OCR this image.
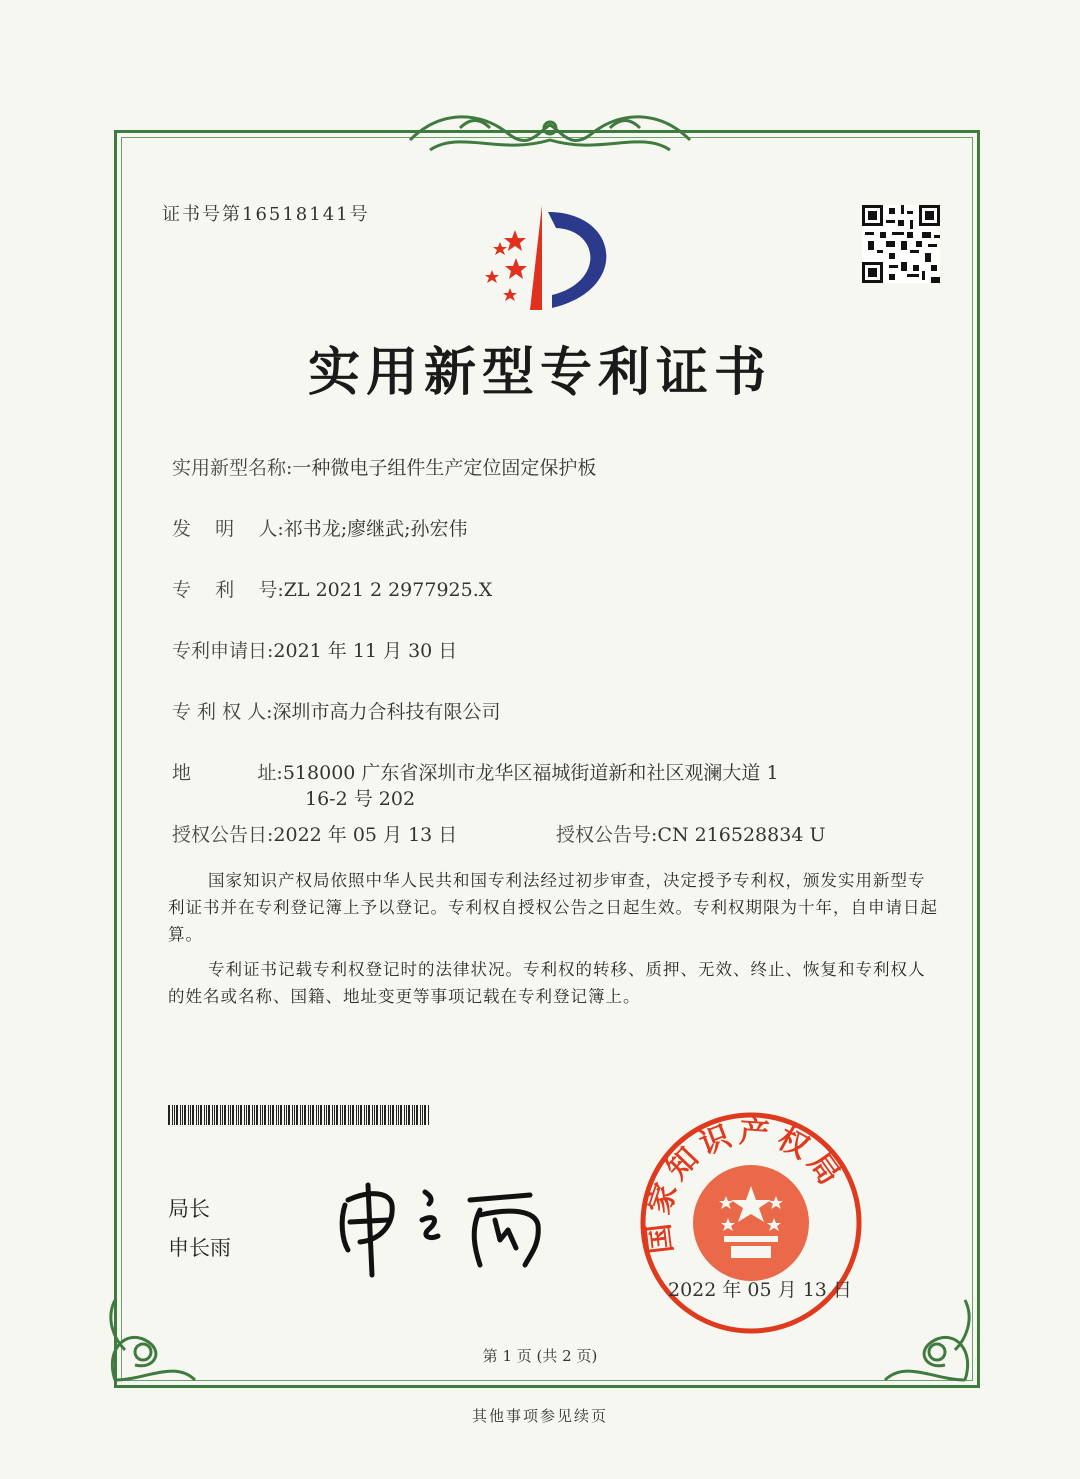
证书号第16518141号
实用新型专利证书
实用新型名称:一种微电子组件生产定位固定保护板
发    明    人:祁书龙;廖继武;孙宏伟
专    利    号:ZL 2021 2 2977925.X
专利申请日:2021 年 11 月 30 日
专 利 权 人:深圳市高力合科技有限公司
地           址:518000 广东省深圳市龙华区福城街道新和社区观澜大道 1
16-2 号 202
授权公告日:2022 年 05 月 13 日	授权公告号:CN 216528834 U
国家知识产权局依照中华人民共和国专利法经过初步审查，决定授予专利权，颁发实用新型专利证书并在专利登记簿上予以登记。专利权自授权公告之日起生效。专利权期限为十年，自申请日起算。
专利证书记载专利权登记时的法律状况。专利权的转移、质押、无效、终止、恢复和专利权人的姓名或名称、国籍、地址变更等事项记载在专利登记簿上。
局长
申长雨	国家知识产权局
2022 年 05 月 13 日
第 1 页 (共 2 页)
其他事项参见续页
